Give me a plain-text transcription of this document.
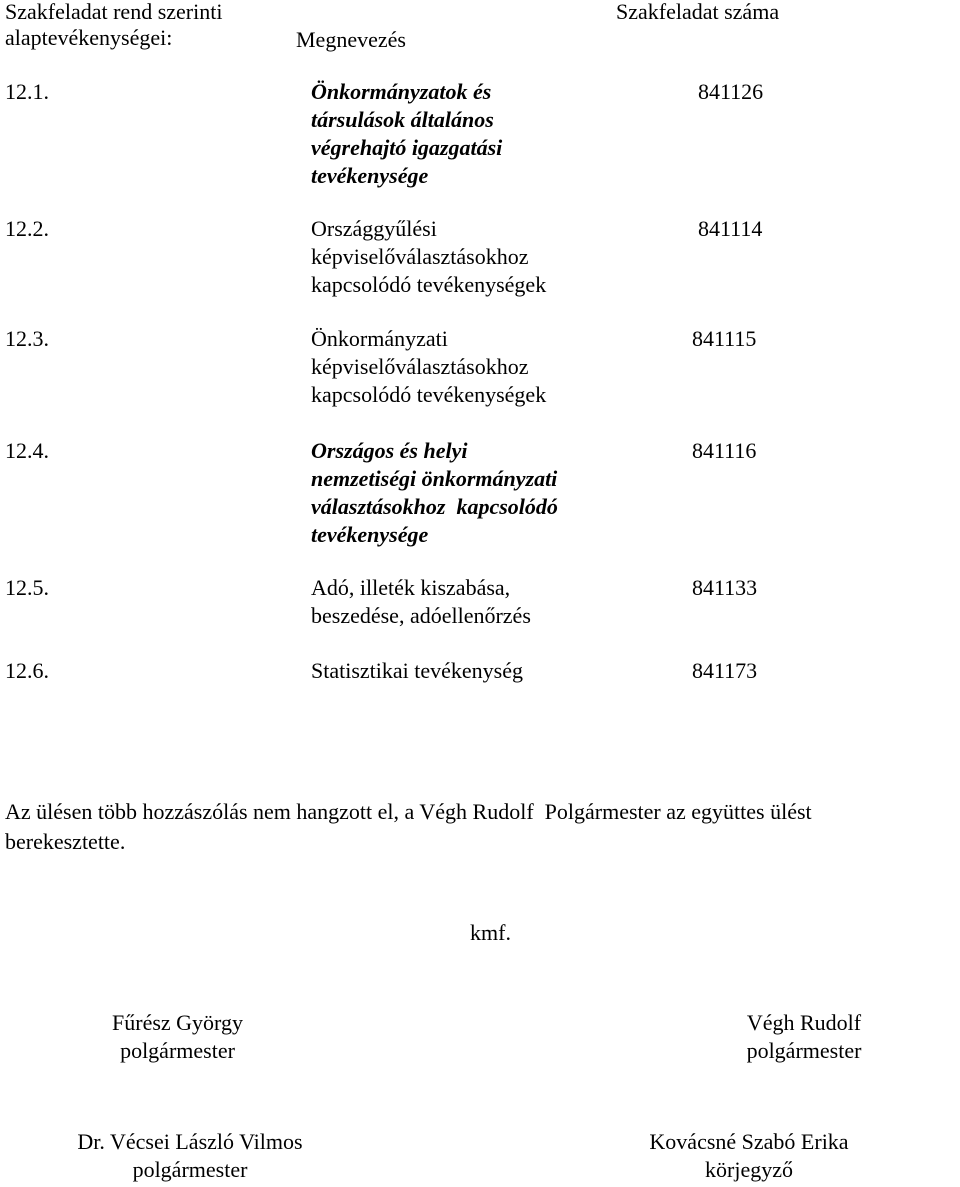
Szakfeladat rend szerinti
alaptevékenységei:	Megnevezés
Szakfeladat száma
12.1.	Önkormányzatok és
társulások általános
végrehajtó igazgatási
tevékenysége
841126
12.2.	Országgyűlési
képviselőválasztásokhoz
kapcsolódó tevékenységek
841114
12.3.	Önkormányzati
képviselőválasztásokhoz
kapcsolódó tevékenységek
841115
12.4.	Országos és helyi
nemzetiségi önkormányzati
választásokhoz  kapcsolódó
tevékenysége
841116
12.5.	Adó, illeték kiszabása,
beszedése, adóellenőrzés
841133
12.6.	Statisztikai tevékenység	841173
Az ülésen több hozzászólás nem hangzott el, a Végh Rudolf  Polgármester az együttes ülést
berekesztette.
kmf.
Fűrész György
polgármester
Végh Rudolf
polgármester
Dr. Vécsei László Vilmos
polgármester
Kovácsné Szabó Erika
körjegyző
